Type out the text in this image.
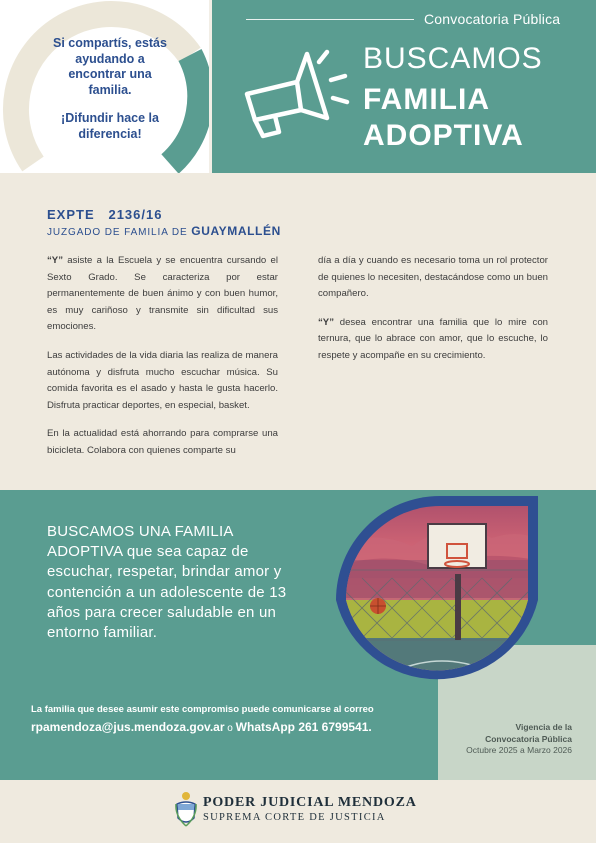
Si compartís, estás ayudando a encontrar una familia.

¡Difundir hace la diferencia!

Convocatoria Pública
BUSCAMOS
FAMILIA
ADOPTIVA
EXPTE 2136/16
JUZGADO DE FAMILIA DE GUAYMALLÉN

“Y” asiste a la Escuela y se encuentra cursando el Sexto Grado. Se caracteriza por estar permanentemente de buen ánimo y con buen humor, es muy cariñoso y transmite sin dificultad sus emociones.

Las actividades de la vida diaria las realiza de manera autónoma y disfruta mucho escuchar música. Su comida favorita es el asado y hasta le gusta hacerlo. Disfruta practicar deportes, en especial, basket.

En la actualidad está ahorrando para comprarse una bicicleta. Colabora con quienes comparte su

día a día y cuando es necesario toma un rol protector de quienes lo necesiten, destacándose como un buen compañero.

“Y” desea encontrar una familia que lo mire con ternura, que lo abrace con amor, que lo escuche, lo respete y acompañe en su crecimiento.

BUSCAMOS UNA FAMILIA ADOPTIVA que sea capaz de escuchar, respetar, brindar amor y contención a un adolescente de 13 años para crecer saludable en un entorno familiar.
La familia que desee asumir este compromiso puede comunicarse al correo
rpamendoza@jus.mendoza.gov.ar o WhatsApp 261 6799541.	Vigencia de la
Convocatoria Pública
Octubre 2025 a Marzo 2026
PODER JUDICIAL MENDOZA
SUPREMA CORTE DE JUSTICIA
